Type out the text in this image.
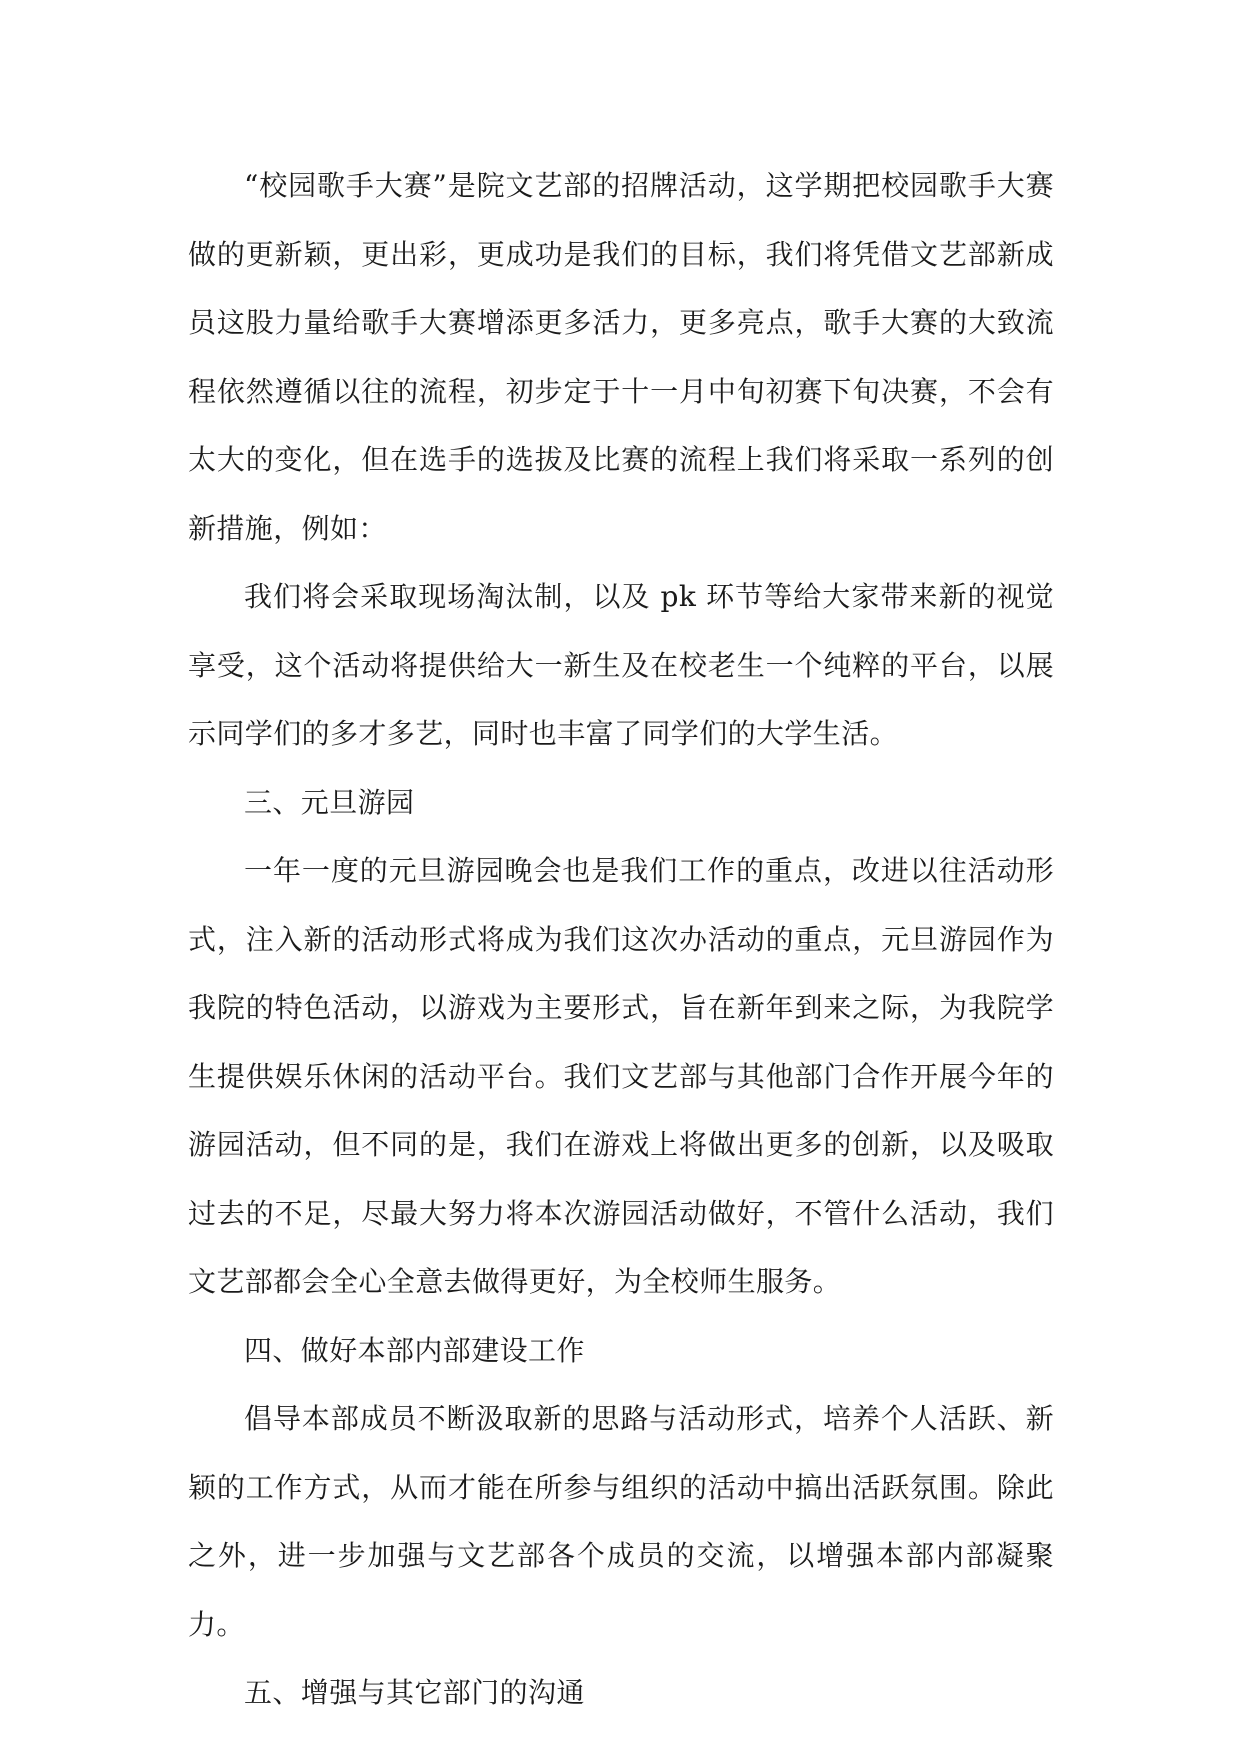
“校园歌手大赛”是院文艺部的招牌活动，这学期把校园歌手大赛做的更新颖，更出彩，更成功是我们的目标，我们将凭借文艺部新成员这股力量给歌手大赛增添更多活力，更多亮点，歌手大赛的大致流程依然遵循以往的流程，初步定于十一月中旬初赛下旬决赛，不会有太大的变化，但在选手的选拔及比赛的流程上我们将采取一系列的创新措施，例如：

我们将会采取现场淘汰制，以及 pk 环节等给大家带来新的视觉享受，这个活动将提供给大一新生及在校老生一个纯粹的平台，以展示同学们的多才多艺，同时也丰富了同学们的大学生活。

三、元旦游园

一年一度的元旦游园晚会也是我们工作的重点，改进以往活动形式，注入新的活动形式将成为我们这次办活动的重点，元旦游园作为我院的特色活动，以游戏为主要形式，旨在新年到来之际，为我院学生提供娱乐休闲的活动平台。我们文艺部与其他部门合作开展今年的游园活动，但不同的是，我们在游戏上将做出更多的创新，以及吸取过去的不足，尽最大努力将本次游园活动做好，不管什么活动，我们文艺部都会全心全意去做得更好，为全校师生服务。

四、做好本部内部建设工作

倡导本部成员不断汲取新的思路与活动形式，培养个人活跃、新颖的工作方式，从而才能在所参与组织的活动中搞出活跃氛围。除此之外，进一步加强与文艺部各个成员的交流，以增强本部内部凝聚力。

五、增强与其它部门的沟通
